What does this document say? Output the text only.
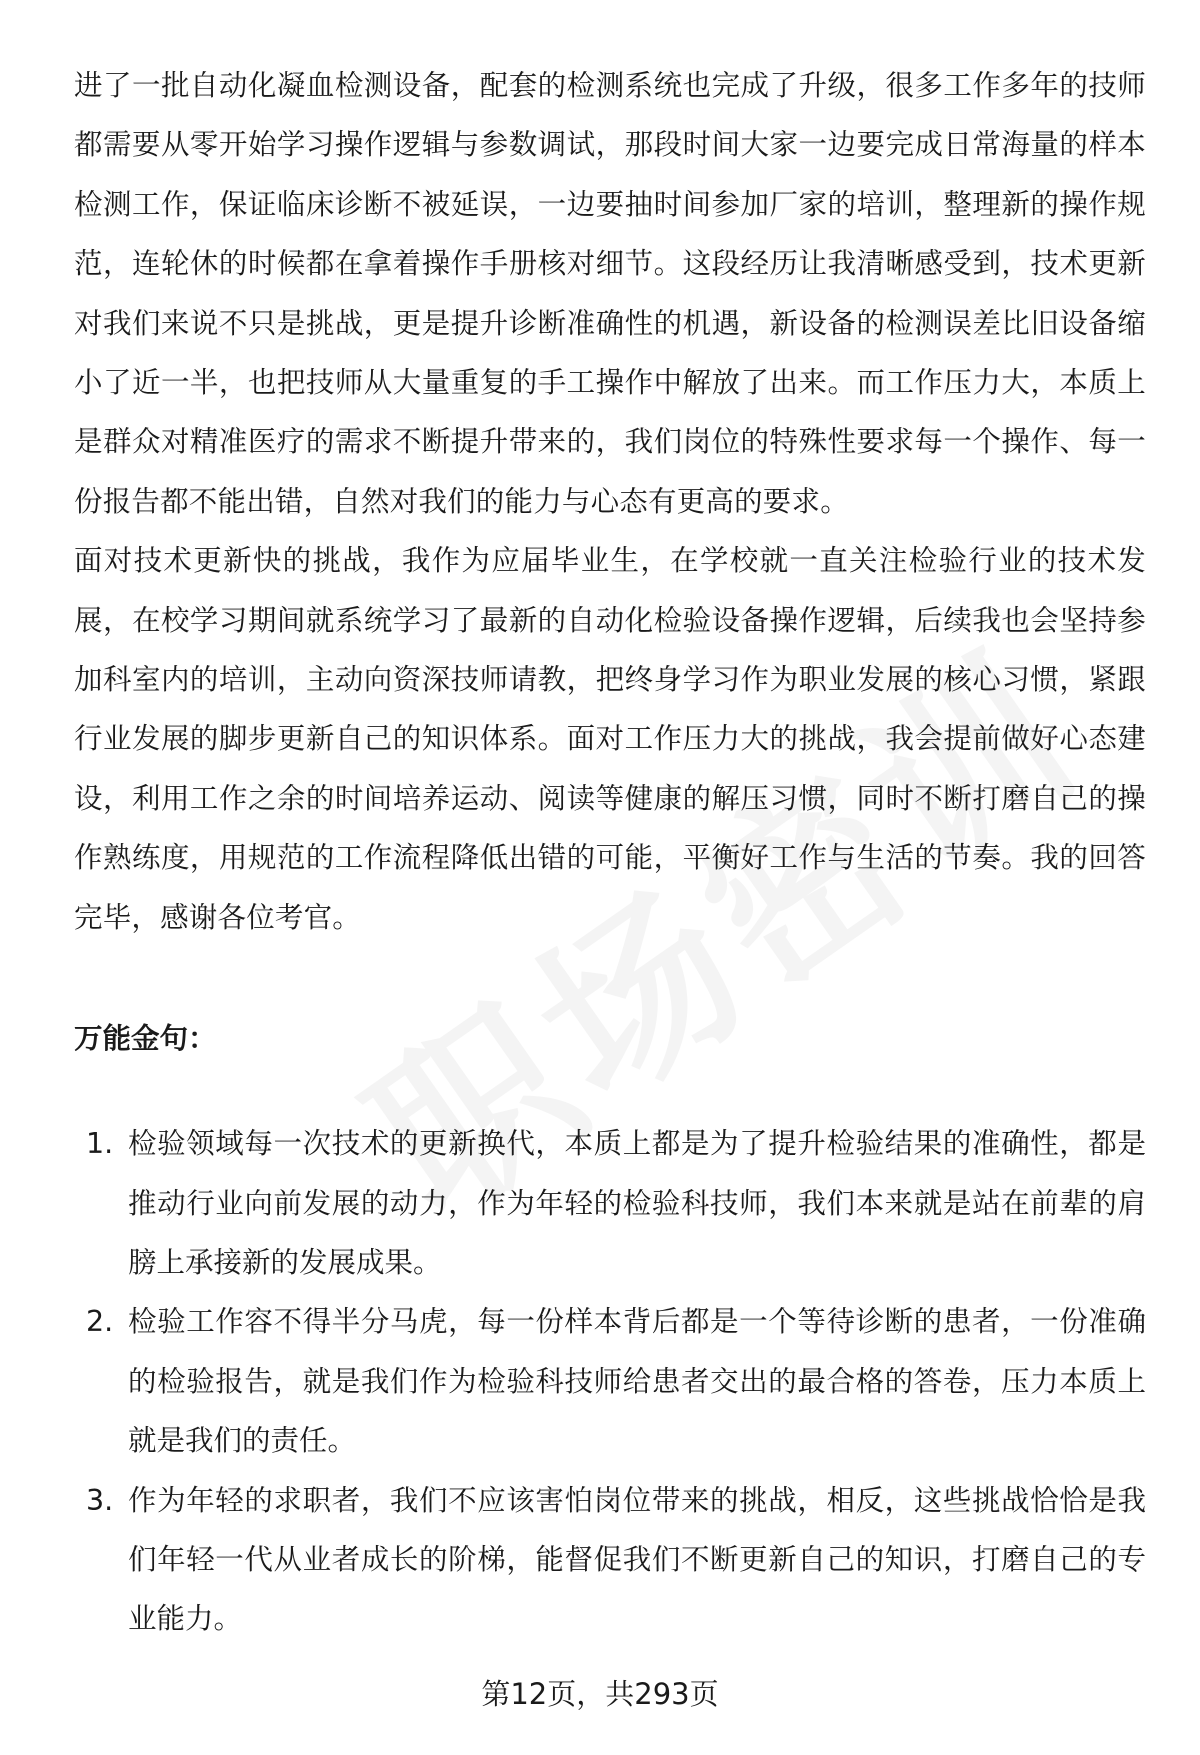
进了一批自动化凝血检测设备，配套的检测系统也完成了升级，很多工作多年的技师都需要从零开始学习操作逻辑与参数调试，那段时间大家一边要完成日常海量的样本检测工作，保证临床诊断不被延误，一边要抽时间参加厂家的培训，整理新的操作规范，连轮休的时候都在拿着操作手册核对细节。这段经历让我清晰感受到，技术更新对我们来说不只是挑战，更是提升诊断准确性的机遇，新设备的检测误差比旧设备缩小了近一半，也把技师从大量重复的手工操作中解放了出来。而工作压力大，本质上是群众对精准医疗的需求不断提升带来的，我们岗位的特殊性要求每一个操作、每一份报告都不能出错，自然对我们的能力与心态有更高的要求。

面对技术更新快的挑战，我作为应届毕业生，在学校就一直关注检验行业的技术发展，在校学习期间就系统学习了最新的自动化检验设备操作逻辑，后续我也会坚持参加科室内的培训，主动向资深技师请教，把终身学习作为职业发展的核心习惯，紧跟行业发展的脚步更新自己的知识体系。面对工作压力大的挑战，我会提前做好心态建设，利用工作之余的时间培养运动、阅读等健康的解压习惯，同时不断打磨自己的操作熟练度，用规范的工作流程降低出错的可能，平衡好工作与生活的节奏。我的回答完毕，感谢各位考官。

万能金句：
1. 检验领域每一次技术的更新换代，本质上都是为了提升检验结果的准确性，都是推动行业向前发展的动力，作为年轻的检验科技师，我们本来就是站在前辈的肩膀上承接新的发展成果。
2. 检验工作容不得半分马虎，每一份样本背后都是一个等待诊断的患者，一份准确的检验报告，就是我们作为检验科技师给患者交出的最合格的答卷，压力本质上就是我们的责任。
3. 作为年轻的求职者，我们不应该害怕岗位带来的挑战，相反，这些挑战恰恰是我们年轻一代从业者成长的阶梯，能督促我们不断更新自己的知识，打磨自己的专业能力。
第12页，共293页
